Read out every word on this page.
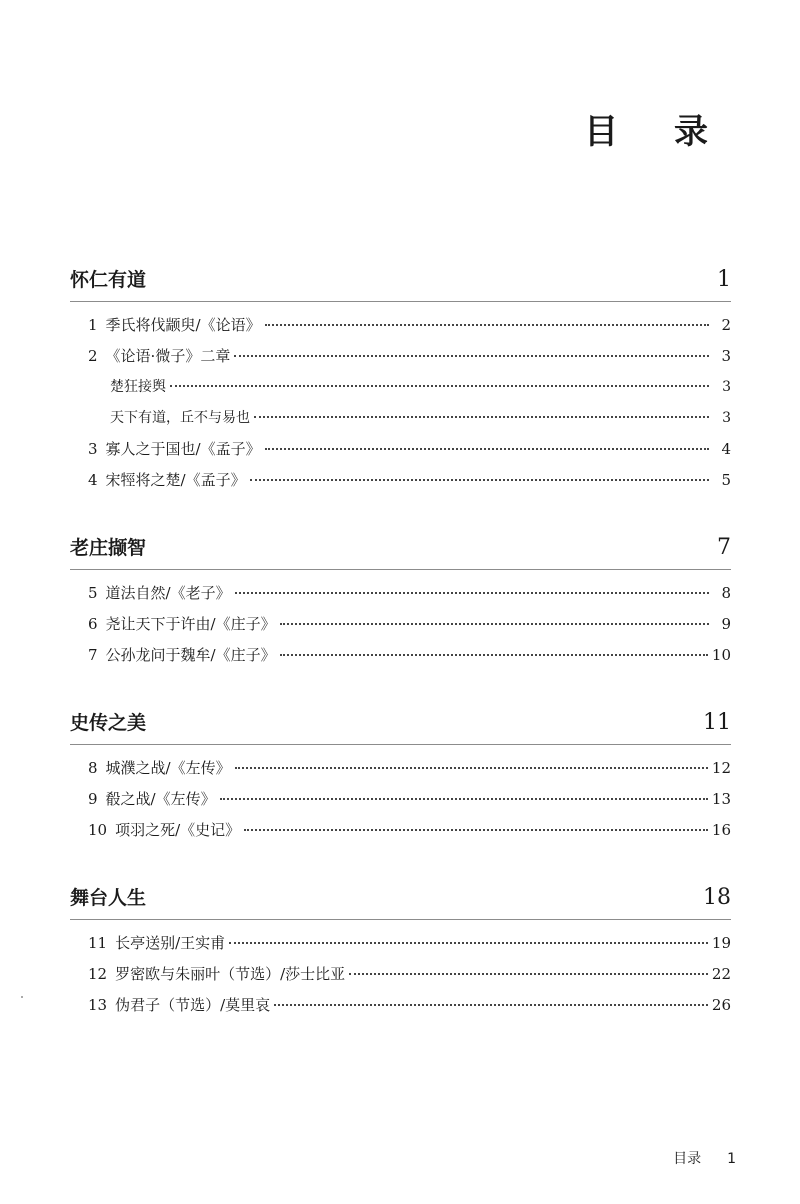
目 录
怀仁有道	1
1 季氏将伐颛臾/《论语》	2
2 《论语·微子》二章	3
楚狂接舆	3
天下有道，丘不与易也	3
3 寡人之于国也/《孟子》	4
4 宋牼将之楚/《孟子》	5
老庄撷智	7
5 道法自然/《老子》	8
6 尧让天下于许由/《庄子》	9
7 公孙龙问于魏牟/《庄子》	10
史传之美	11
8 城濮之战/《左传》	12
9 殽之战/《左传》	13
10 项羽之死/《史记》	16
舞台人生	18
11 长亭送别/王实甫	19
12 罗密欧与朱丽叶（节选）/莎士比亚	22
13 伪君子（节选）/莫里哀	26
目录 1
